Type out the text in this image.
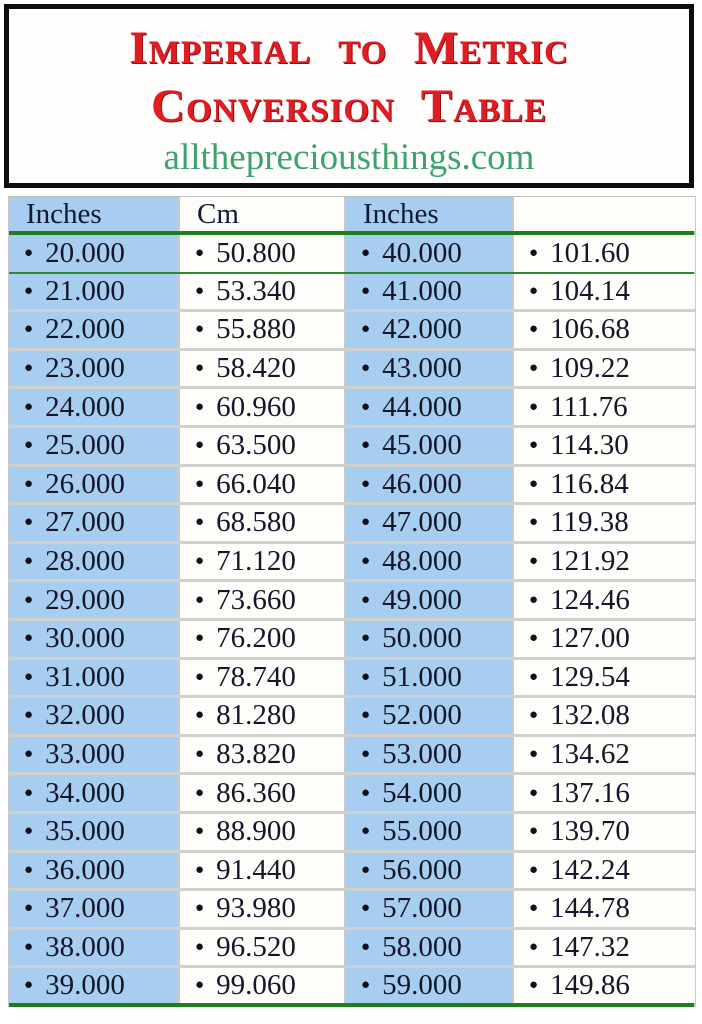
Imperial to Metric

Conversion Table

allthepreciousthings.com

Inches	Cm	Inches
● 20.000	● 50.800	● 40.000	● 101.60
● 21.000	● 53.340	● 41.000	● 104.14
● 22.000	● 55.880	● 42.000	● 106.68
● 23.000	● 58.420	● 43.000	● 109.22
● 24.000	● 60.960	● 44.000	● 111.76
● 25.000	● 63.500	● 45.000	● 114.30
● 26.000	● 66.040	● 46.000	● 116.84
● 27.000	● 68.580	● 47.000	● 119.38
● 28.000	● 71.120	● 48.000	● 121.92
● 29.000	● 73.660	● 49.000	● 124.46
● 30.000	● 76.200	● 50.000	● 127.00
● 31.000	● 78.740	● 51.000	● 129.54
● 32.000	● 81.280	● 52.000	● 132.08
● 33.000	● 83.820	● 53.000	● 134.62
● 34.000	● 86.360	● 54.000	● 137.16
● 35.000	● 88.900	● 55.000	● 139.70
● 36.000	● 91.440	● 56.000	● 142.24
● 37.000	● 93.980	● 57.000	● 144.78
● 38.000	● 96.520	● 58.000	● 147.32
● 39.000	● 99.060	● 59.000	● 149.86
